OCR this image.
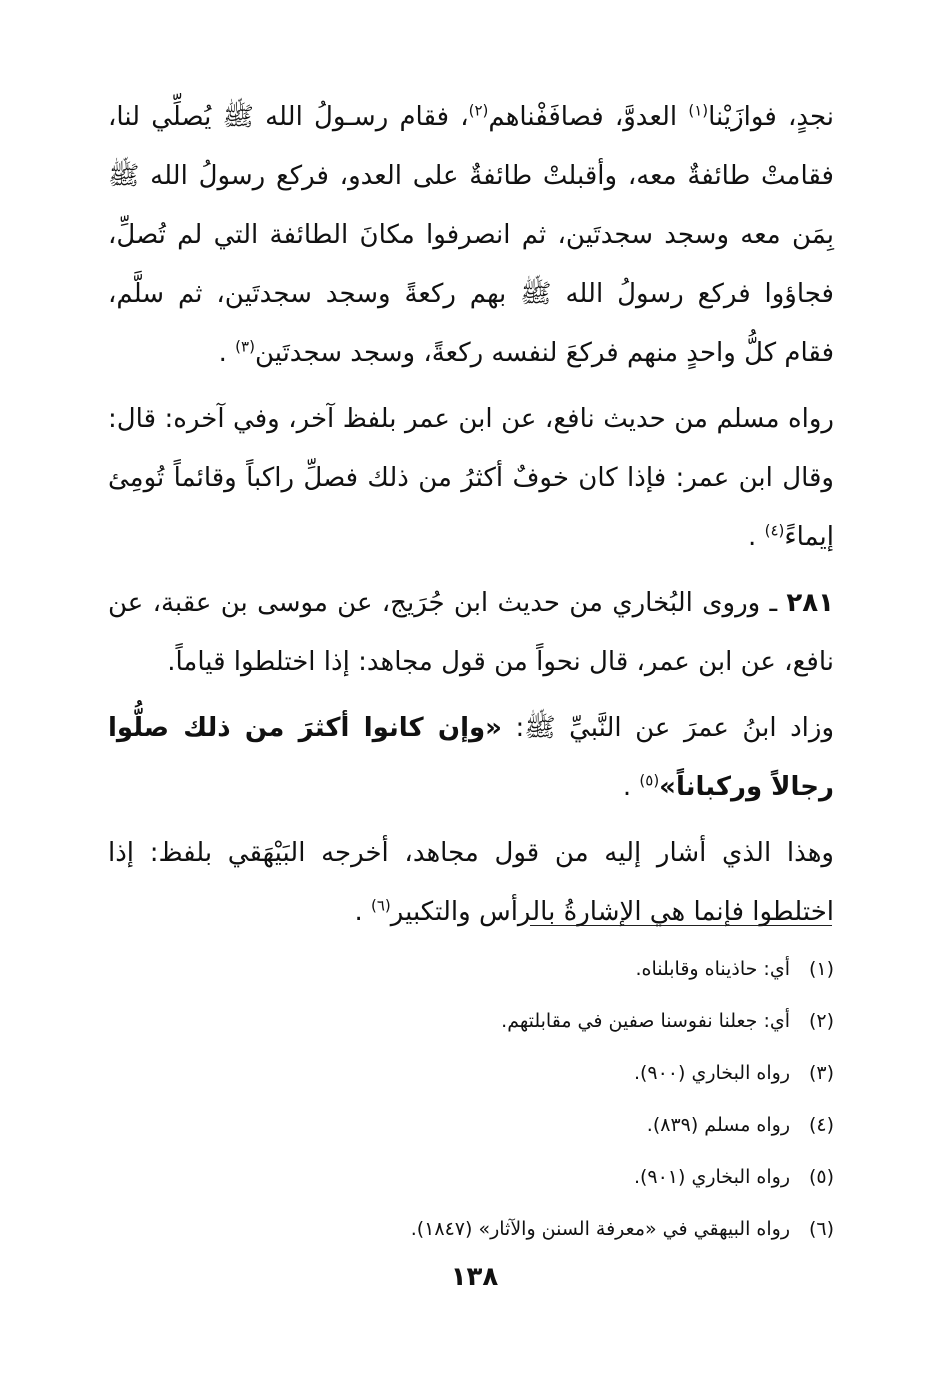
نجدٍ، فوازَيْنا$^{(١)}$ العدوَّ، فصافَفْناهم$^{(٢)}$، فقام رسـولُ الله ﷺ يُصلِّي لنا، فقامتْ طائفةٌ معه، وأقبلتْ طائفةٌ على العدو، فركع رسولُ الله ﷺ بِمَن معه وسجد سجدتَين، ثم انصرفوا مكانَ الطائفة التي لم تُصلِّ، فجاؤوا فركع رسولُ الله ﷺ بهم ركعةً وسجد سجدتَين، ثم سلَّم، فقام كلُّ واحدٍ منهم فركعَ لنفسه ركعةً، وسجد سجدتَين$^{(٣)}$ .

رواه مسلم من حديث نافع، عن ابن عمر بلفظ آخر، وفي آخره: قال: وقال ابن عمر: فإذا كان خوفٌ أكثرُ من ذلك فصلِّ راكباً وقائماً تُومِئ إيماءً$^{(٤)}$ .

٢٨١ ـ وروى البُخاري من حديث ابن جُرَيج، عن موسى بن عقبة، عن نافع، عن ابن عمر، قال نحواً من قول مجاهد: إذا اختلطوا قياماً.

وزاد ابنُ عمرَ عن النَّبيِّ ﷺ: «وإن كانوا أكثرَ من ذلك صلُّوا رجالاً وركباناً»$^{(٥)}$ .

وهذا الذي أشار إليه من قول مجاهد، أخرجه البَيْهَقي بلفظ: إذا اختلطوا فإنما هي الإشارةُ بالرأس والتكبير$^{(٦)}$ .

(١)أي: حاذيناه وقابلناه.
(٢)أي: جعلنا نفوسنا صفين في مقابلتهم.
(٣)رواه البخاري (٩٠٠).
(٤)رواه مسلم (٨٣٩).
(٥)رواه البخاري (٩٠١).
(٦)رواه البيهقي في «معرفة السنن والآثار» (١٨٤٧).
١٣٨
